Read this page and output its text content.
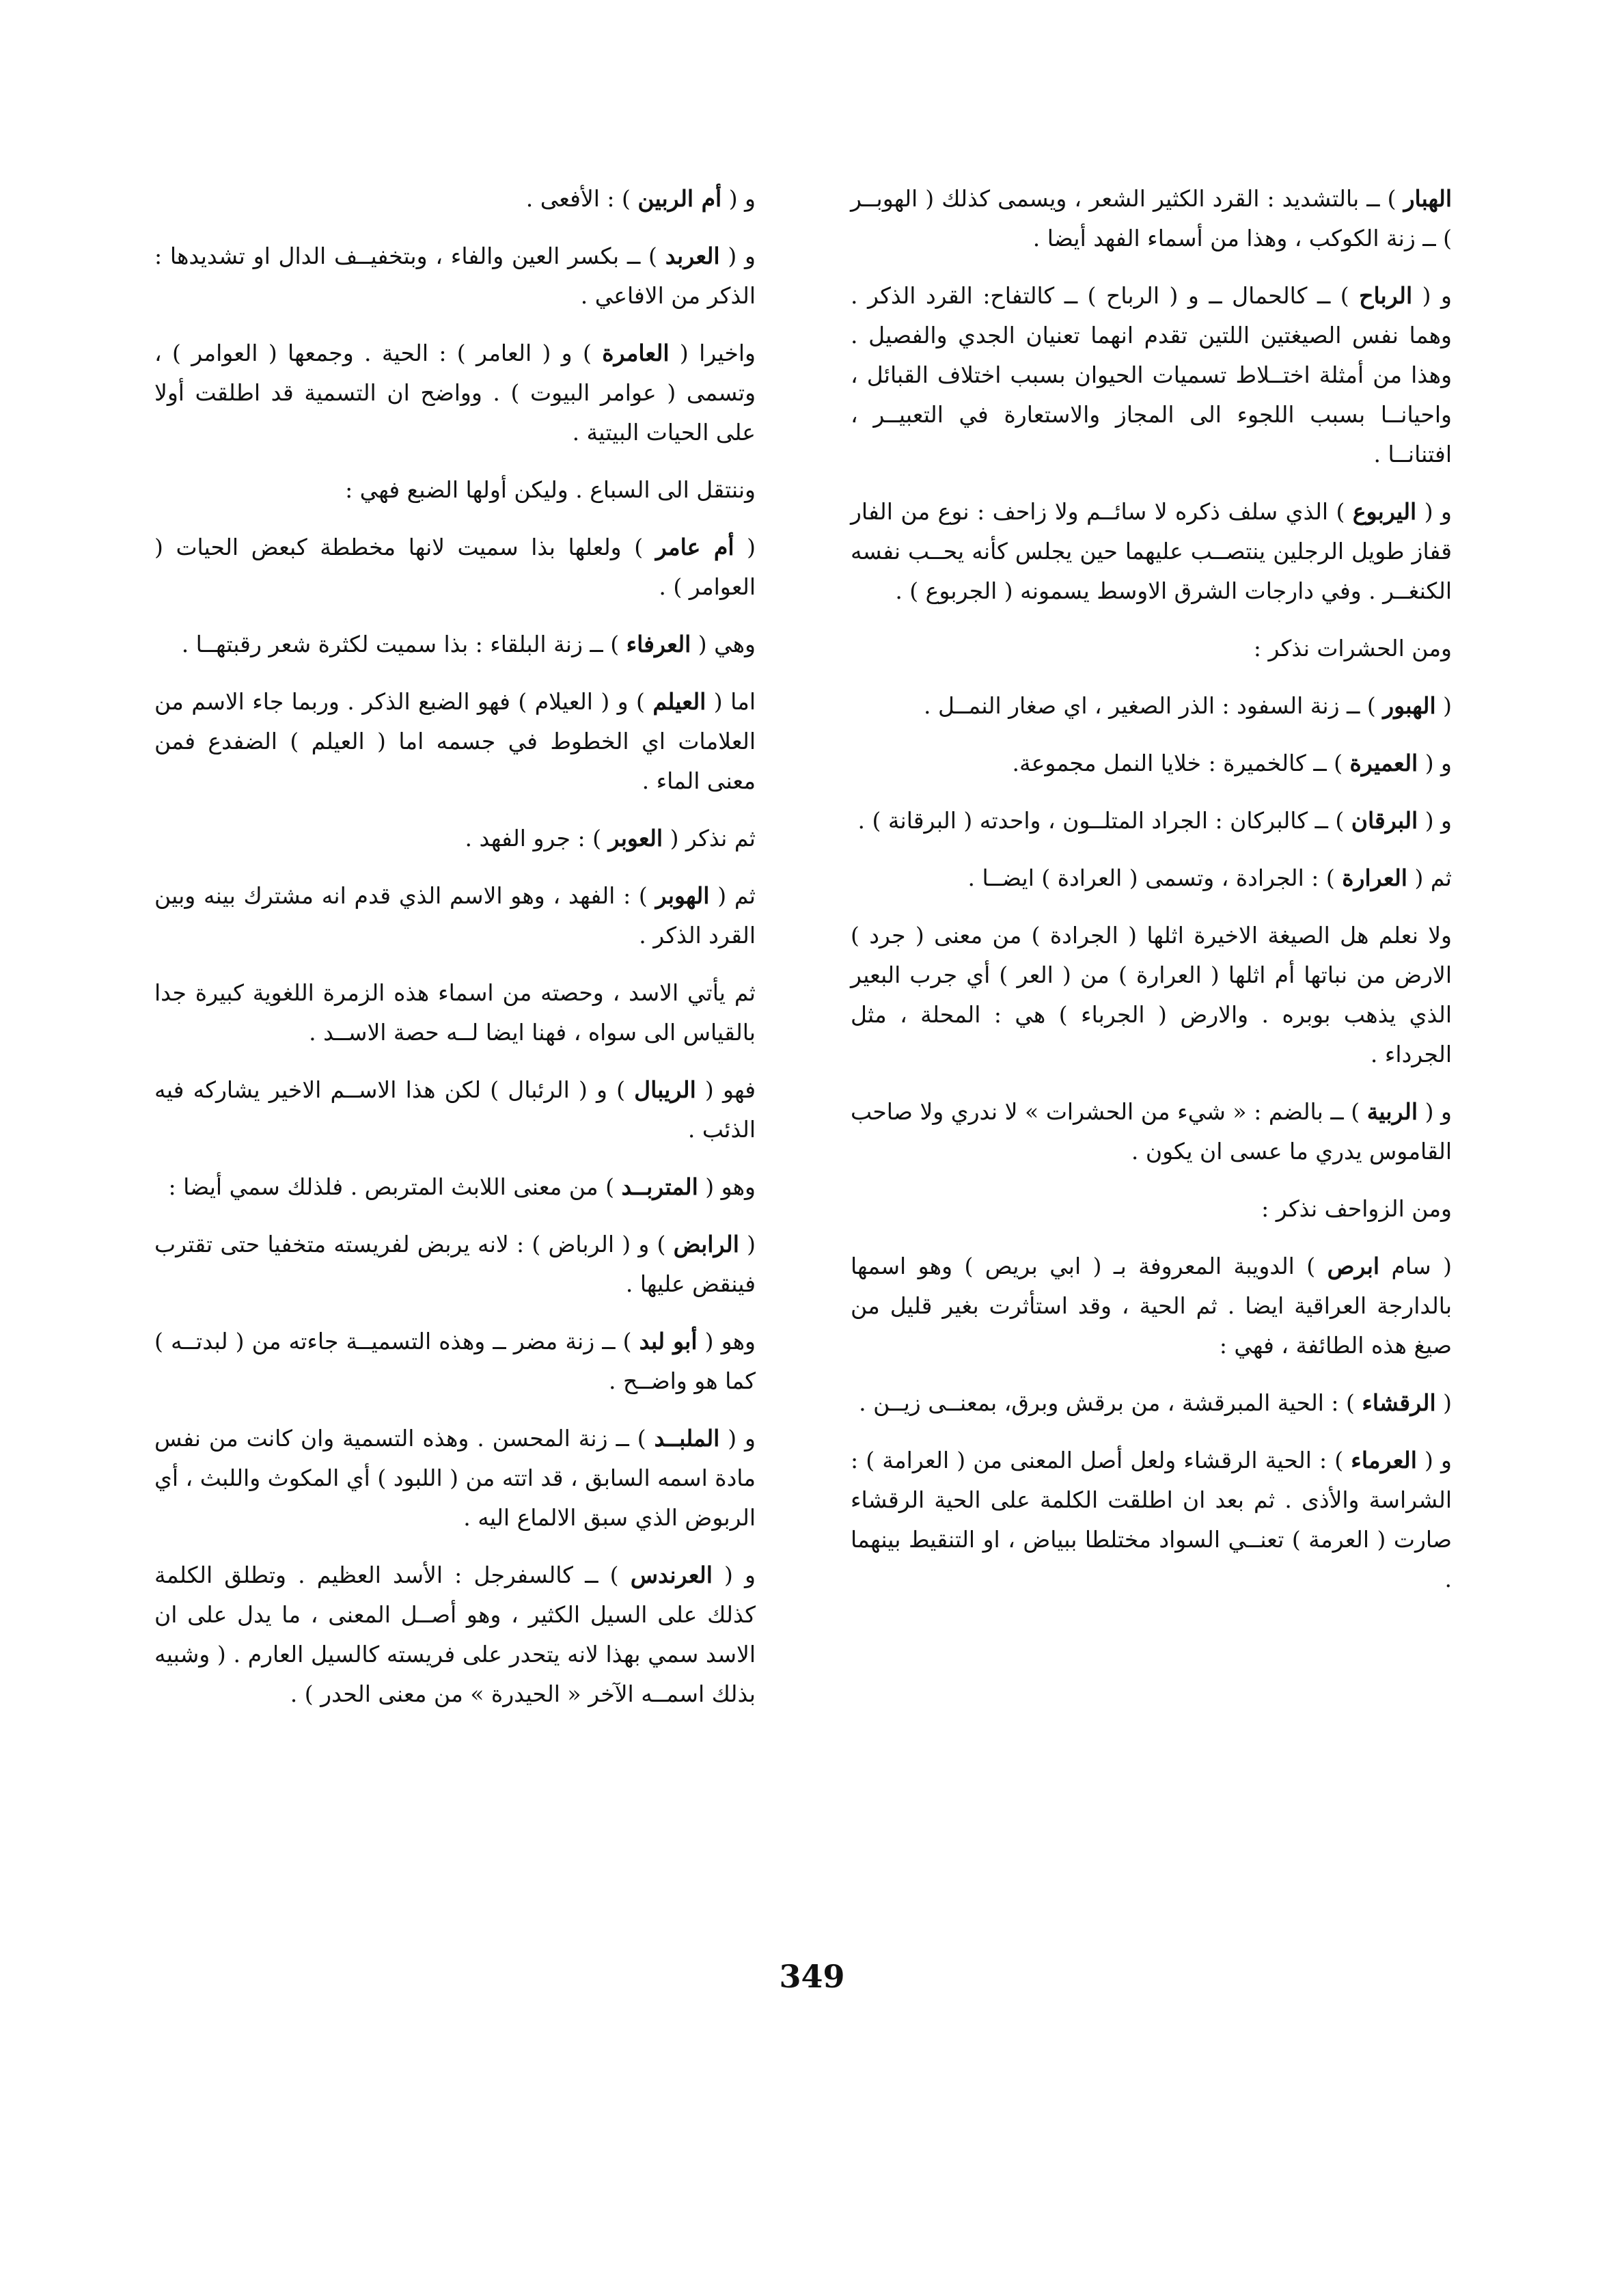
الهبار ) ــ بالتشديد : القرد الكثير الشعر ، ويسمى كذلك ( الهوبــر ) ــ زنة الكوكب ، وهذا من أسماء الفهد أيضا .

و ( الرباح ) ــ كالحمال ــ و ( الرباح ) ــ كالتفاح: القرد الذكر . وهما نفس الصيغتين اللتين تقدم انهما تعنيان الجدي والفصيل . وهذا من أمثلة اختــلاط تسميات الحيوان بسبب اختلاف القبائل ، واحيانــا بسبب اللجوء الى المجاز والاستعارة في التعبيــر ، افتنانــا .

و ( اليربوع ) الذي سلف ذكره لا سائــم ولا زاحف : نوع من الفار قفاز طويل الرجلين ينتصــب عليهما حين يجلس كأنه يحــب نفسه الكنغــر . وفي دارجات الشرق الاوسط يسمونه ( الجربوع ) .

ومن الحشرات نذكر :

( الهبور ) ــ زنة السفود : الذر الصغير ، اي صغار النمــل .

و ( العميرة ) ــ كالخميرة : خلايا النمل مجموعة.

و ( البرقان ) ــ كالبركان : الجراد المتلــون ، واحدته ( البرقانة ) .

ثم ( العرارة ) : الجرادة ، وتسمى ( العرادة ) ايضــا .

ولا نعلم هل الصيغة الاخيرة اثلها ( الجرادة ) من معنى ( جرد ) الارض من نباتها أم اثلها ( العرارة ) من ( العر ) أي جرب البعير الذي يذهب بوبره . والارض ( الجرباء ) هي : المحلة ، مثل الجرداء .

و ( الربية ) ــ بالضم : « شيء من الحشرات » لا ندري ولا صاحب القاموس يدري ما عسى ان يكون .

ومن الزواحف نذكر :

( سام ابرص ) الدويبة المعروفة بـ ( ابي بريص ) وهو اسمها بالدارجة العراقية ايضا . ثم الحية ، وقد استأثرت بغير قليل من صيغ هذه الطائفة ، فهي :

( الرقشاء ) : الحية المبرقشة ، من برقش وبرق، بمعنــى زيــن .

و ( العرماء ) : الحية الرقشاء ولعل أصل المعنى من ( العرامة ) : الشراسة والأذى . ثم بعد ان اطلقت الكلمة على الحية الرقشاء صارت ( العرمة ) تعنــي السواد مختلطا ببياض ، او التنقيط بينهما .

و ( أم الربين ) : الأفعى .

و ( العربد ) ــ بكسر العين والفاء ، وبتخفيــف الدال او تشديدها : الذكر من الافاعي .

واخيرا ( العامرة ) و ( العامر ) : الحية . وجمعها ( العوامر ) ، وتسمى ( عوامر البيوت ) . وواضح ان التسمية قد اطلقت أولا على الحيات البيتية .

وننتقل الى السباع . وليكن أولها الضبع فهي :

( أم عامر ) ولعلها بذا سميت لانها مخططة كبعض الحيات ( العوامر ) .

وهي ( العرفاء ) ــ زنة البلقاء : بذا سميت لكثرة شعر رقبتهــا .

اما ( العيلم ) و ( العيلام ) فهو الضبع الذكر . وربما جاء الاسم من العلامات اي الخطوط في جسمه اما ( العيلم ) الضفدع فمن معنى الماء .

ثم نذكر ( العوبر ) : جرو الفهد .

ثم ( الهوبر ) : الفهد ، وهو الاسم الذي قدم انه مشترك بينه وبين القرد الذكر .

ثم يأتي الاسد ، وحصته من اسماء هذه الزمرة اللغوية كبيرة جدا بالقياس الى سواه ، فهنا ايضا لــه حصة الاســد .

فهو ( الريبال ) و ( الرئبال ) لكن هذا الاســم الاخير يشاركه فيه الذئب .

وهو ( المتربــد ) من معنى اللابث المتربص . فلذلك سمي أيضا :

( الرابض ) و ( الرباض ) : لانه يربض لفريسته متخفيا حتى تقترب فينقض عليها .

وهو ( أبو لبد ) ــ زنة مضر ــ وهذه التسميــة جاءته من ( لبدتــه ) كما هو واضــح .

و ( الملبــد ) ــ زنة المحسن . وهذه التسمية وان كانت من نفس مادة اسمه السابق ، قد اتته من ( اللبود ) أي المكوث واللبث ، أي الربوض الذي سبق الالماع اليه .

و ( العرندس ) ــ كالسفرجل : الأسد العظيم . وتطلق الكلمة كذلك على السيل الكثير ، وهو أصــل المعنى ، ما يدل على ان الاسد سمي بهذا لانه يتحدر على فريسته كالسيل العارم . ( وشبيه بذلك اسمــه الآخر « الحيدرة » من معنى الحدر ) .

349
